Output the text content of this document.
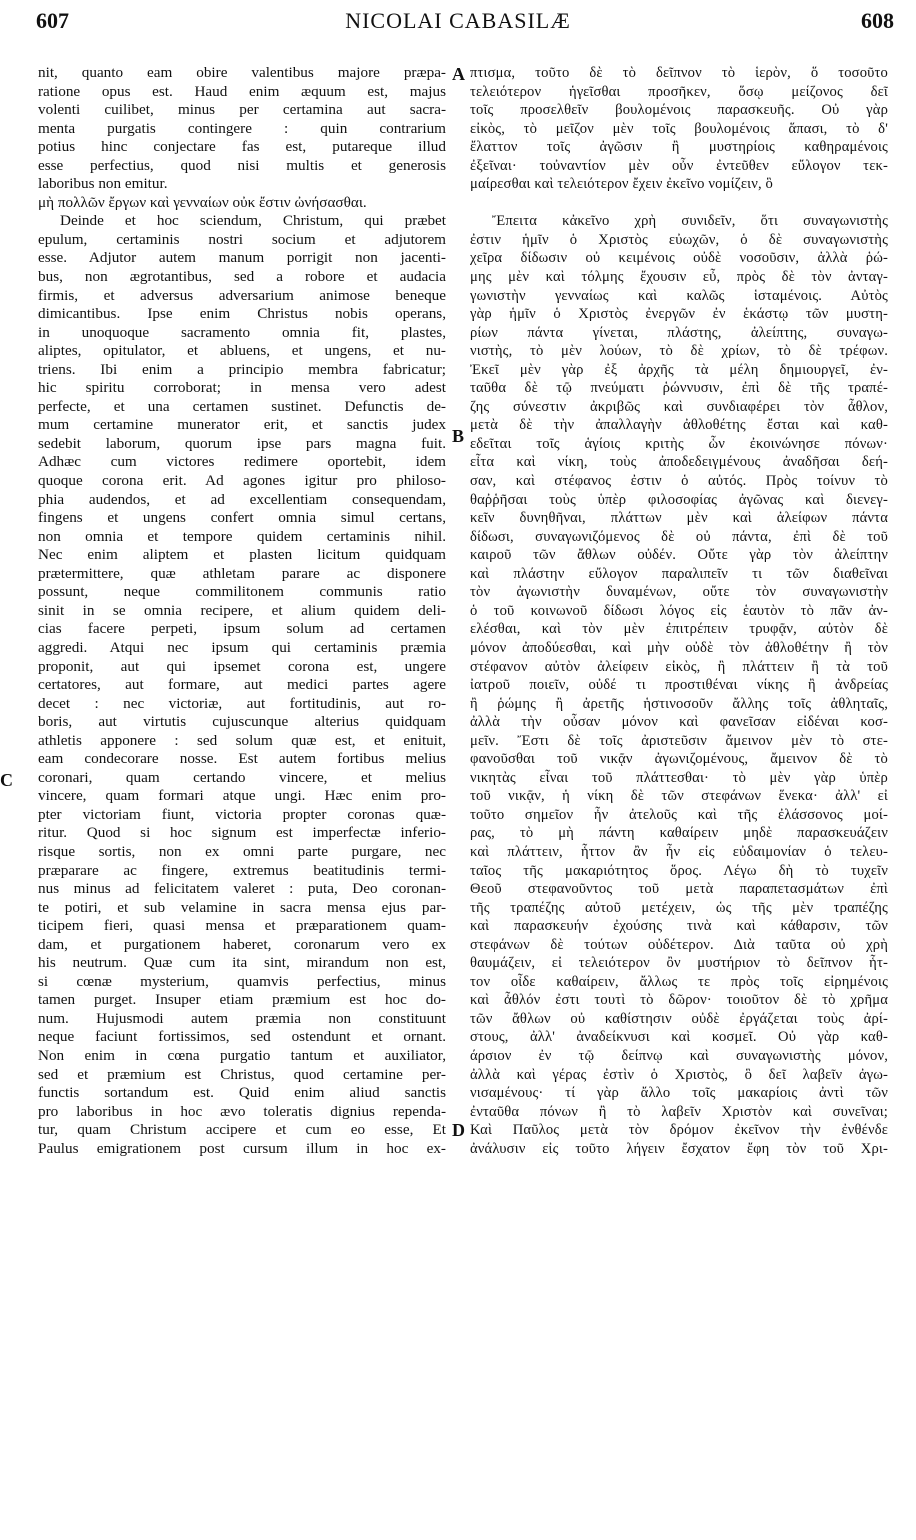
607	NICOLAI CABASILÆ	608
nit, quanto eam obire valentibus majore præpa-
ratione opus est. Haud enim æquum est, majus
volenti cuilibet, minus per certamina aut sacra-
menta purgatis contingere : quin contrarium
potius hinc conjectare fas est, putareque illud
esse perfectius, quod nisi multis et generosis
laboribus non emitur.
μὴ πολλῶν ἔργων καὶ γενναίων οὐκ ἔστιν ὠνήσασθαι.
Deinde et hoc sciendum, Christum, qui præbet
epulum, certaminis nostri socium et adjutorem
esse. Adjutor autem manum porrigit non jacenti-
bus, non ægrotantibus, sed a robore et audacia
firmis, et adversus adversarium animose beneque
dimicantibus. Ipse enim Christus nobis operans,
in unoquoque sacramento omnia fit, plastes,
aliptes, opitulator, et abluens, et ungens, et nu-
triens. Ibi enim a principio membra fabricatur;
hic spiritu corroborat; in mensa vero adest
perfecte, et una certamen sustinet. Defunctis de-
mum certamine munerator erit, et sanctis judex
sedebit laborum, quorum ipse pars magna fuit.
Adhæc cum victores redimere oportebit, idem
quoque corona erit. Ad agones igitur pro philoso-
phia audendos, et ad excellentiam consequendam,
fingens et ungens confert omnia simul certans,
non omnia et tempore quidem certaminis nihil.
Nec enim aliptem et plasten licitum quidquam
prætermittere, quæ athletam parare ac disponere
possunt, neque commilitonem communis ratio
sinit in se omnia recipere, et alium quidem deli-
cias facere perpeti, ipsum solum ad certamen
aggredi. Atqui nec ipsum qui certaminis præmia
proponit, aut qui ipsemet corona est, ungere
certatores, aut formare, aut medici partes agere
decet : nec victoriæ, aut fortitudinis, aut ro-
boris, aut virtutis cujuscunque alterius quidquam
athletis apponere : sed solum quæ est, et enituit,
eam condecorare nosse. Est autem fortibus melius
coronari, quam certando vincere, et melius
vincere, quam formari atque ungi. Hæc enim pro-
pter victoriam fiunt, victoria propter coronas quæ-
ritur. Quod si hoc signum est imperfectæ inferio-
risque sortis, non ex omni parte purgare, nec
præparare ac fingere, extremus beatitudinis termi-
nus minus ad felicitatem valeret : puta, Deo coronan-
te potiri, et sub velamine in sacra mensa ejus par-
ticipem fieri, quasi mensa et præparationem quam-
dam, et purgationem haberet, coronarum vero ex
his neutrum. Quæ cum ita sint, mirandum non est,
si cœnæ mysterium, quamvis perfectius, minus
tamen purget. Insuper etiam præmium est hoc do-
num. Hujusmodi autem præmia non constituunt
neque faciunt fortissimos, sed ostendunt et ornant.
Non enim in cœna purgatio tantum et auxiliator,
sed et præmium est Christus, quod certamine per-
functis sortandum est. Quid enim aliud sanctis
pro laboribus in hoc ævo toleratis dignius rependa-
tur, quam Christum accipere et cum eo esse, Et
Paulus emigrationem post cursum illum in hoc ex-
πτισμα, τοῦτο δὲ τὸ δεῖπνον τὸ ἱερὸν, ὅ τοσοῦτο
τελειότερον ἡγεῖσθαι προσῆκεν, ὅσῳ μείζονος δεῖ
τοῖς προσελθεῖν βουλομένοις παρασκευῆς. Οὐ γὰρ
εἰκὸς, τὸ μεῖζον μὲν τοῖς βουλομένοις ἅπασι, τὸ δ'
ἔλαττον τοῖς ἀγῶσιν ἢ μυστηρίοις καθηραμένοις
ἐξεῖναι· τοὐναντίον μὲν οὖν ἐντεῦθεν εὔλογον τεκ-
μαίρεσθαι καὶ τελειότερον ἔχειν ἐκεῖνο νομίζειν, ὃ
Ἔπειτα κἀκεῖνο χρὴ συνιδεῖν, ὅτι συναγωνιστὴς
ἐστιν ἡμῖν ὁ Χριστὸς εὐωχῶν, ὁ δὲ συναγωνιστὴς
χεῖρα δίδωσιν οὐ κειμένοις οὐδὲ νοσοῦσιν, ἀλλὰ ῥώ-
μης μὲν καὶ τόλμης ἔχουσιν εὖ, πρὸς δὲ τὸν ἀνταγ-
γωνιστὴν γενναίως καὶ καλῶς ἱσταμένοις. Αὐτὸς
γὰρ ἡμῖν ὁ Χριστὸς ἐνεργῶν ἐν ἑκάστῳ τῶν μυστη-
ρίων πάντα γίνεται, πλάστης, ἀλείπτης, συναγω-
νιστὴς, τὸ μὲν λούων, τὸ δὲ χρίων, τὸ δὲ τρέφων.
Ἐκεῖ μὲν γὰρ ἐξ ἀρχῆς τὰ μέλη δημιουργεῖ, ἐν-
ταῦθα δὲ τῷ πνεύματι ῥώννυσιν, ἐπὶ δὲ τῆς τραπέ-
ζης σύνεστιν ἀκριβῶς καὶ συνδιαφέρει τὸν ἆθλον,
μετὰ δὲ τὴν ἀπαλλαγὴν ἀθλοθέτης ἔσται καὶ καθ-
εδεῖται τοῖς ἁγίοις κριτὴς ὧν ἐκοινώνησε πόνων·
εἶτα καὶ νίκη, τοὺς ἀποδεδειγμένους ἀναδῆσαι δεή-
σαν, καὶ στέφανος ἐστιν ὁ αὐτός. Πρὸς τοίνυν τὸ
θαῤῥῆσαι τοὺς ὑπὲρ φιλοσοφίας ἀγῶνας καὶ διενεγ-
κεῖν δυνηθῆναι, πλάττων μὲν καὶ ἀλείφων πάντα
δίδωσι, συναγωνιζόμενος δὲ οὐ πάντα, ἐπὶ δὲ τοῦ
καιροῦ τῶν ἄθλων οὐδέν. Οὔτε γὰρ τὸν ἀλείπτην
καὶ πλάστην εὔλογον παραλιπεῖν τι τῶν διαθεῖναι
τὸν ἀγωνιστὴν δυναμένων, οὔτε τὸν συναγωνιστὴν
ὁ τοῦ κοινωνοῦ δίδωσι λόγος εἰς ἑαυτὸν τὸ πᾶν ἀν-
ελέσθαι, καὶ τὸν μὲν ἐπιτρέπειν τρυφᾷν, αὐτὸν δὲ
μόνον ἀποδύεσθαι, καὶ μὴν οὐδὲ τὸν ἀθλοθέτην ἢ τὸν
στέφανον αὐτὸν ἀλείφειν εἰκὸς, ἢ πλάττειν ἢ τὰ τοῦ
ἰατροῦ ποιεῖν, οὐδέ τι προστιθέναι νίκης ἢ ἀνδρείας
ἢ ῥώμης ἢ ἀρετῆς ἡστινοσοῦν ἄλλης τοῖς ἀθληταῖς,
ἀλλὰ τὴν οὖσαν μόνον καὶ φανεῖσαν εἰδέναι κοσ-
μεῖν. Ἔστι δὲ τοῖς ἀριστεῦσιν ἄμεινον μὲν τὸ στε-
φανοῦσθαι τοῦ νικᾷν ἀγωνιζομένους, ἄμεινον δὲ τὸ
νικητὰς εἶναι τοῦ πλάττεσθαι· τὸ μὲν γὰρ ὑπὲρ
τοῦ νικᾷν, ἡ νίκη δὲ τῶν στεφάνων ἕνεκα· ἀλλ' εἰ
τοῦτο σημεῖον ἦν ἀτελοῦς καὶ τῆς ἐλάσσονος μοί-
ρας, τὸ μὴ πάντη καθαίρειν μηδὲ παρασκευάζειν
καὶ πλάττειν, ἧττον ἂν ἦν εἰς εὐδαιμονίαν ὁ τελευ-
ταῖος τῆς μακαριότητος ὅρος. Λέγω δὴ τὸ τυχεῖν
Θεοῦ στεφανοῦντος τοῦ μετὰ παραπετασμάτων ἐπὶ
τῆς τραπέζης αὐτοῦ μετέχειν, ὡς τῆς μὲν τραπέζης
καὶ παρασκευήν ἐχούσης τινὰ καὶ κάθαρσιν, τῶν
στεφάνων δὲ τούτων οὐδέτερον. Διὰ ταῦτα οὐ χρὴ
θαυμάζειν, εἰ τελειότερον ὂν μυστήριον τὸ δεῖπνον ἧτ-
τον οἶδε καθαίρειν, ἄλλως τε πρὸς τοῖς εἰρημένοις
καὶ ἆθλόν ἐστι τουτὶ τὸ δῶρον· τοιοῦτον δὲ τὸ χρῆμα
τῶν ἄθλων οὐ καθίστησιν οὐδὲ ἐργάζεται τοὺς ἀρί-
στους, ἀλλ' ἀναδείκνυσι καὶ κοσμεῖ. Οὐ γὰρ καθ-
άρσιον ἐν τῷ δείπνῳ καὶ συναγωνιστὴς μόνον,
ἀλλὰ καὶ γέρας ἐστὶν ὁ Χριστὸς, ὃ δεῖ λαβεῖν ἀγω-
νισαμένους· τί γὰρ ἄλλο τοῖς μακαρίοις ἀντὶ τῶν
ἐνταῦθα πόνων ἢ τὸ λαβεῖν Χριστὸν καὶ συνεῖναι;
Καὶ Παῦλος μετὰ τὸν δρόμον ἐκεῖνον τὴν ἐνθένδε
ἀνάλυσιν εἰς τοῦτο λήγειν ἔσχατον ἔφη τὸν τοῦ Χρι-
A
B
C
D
